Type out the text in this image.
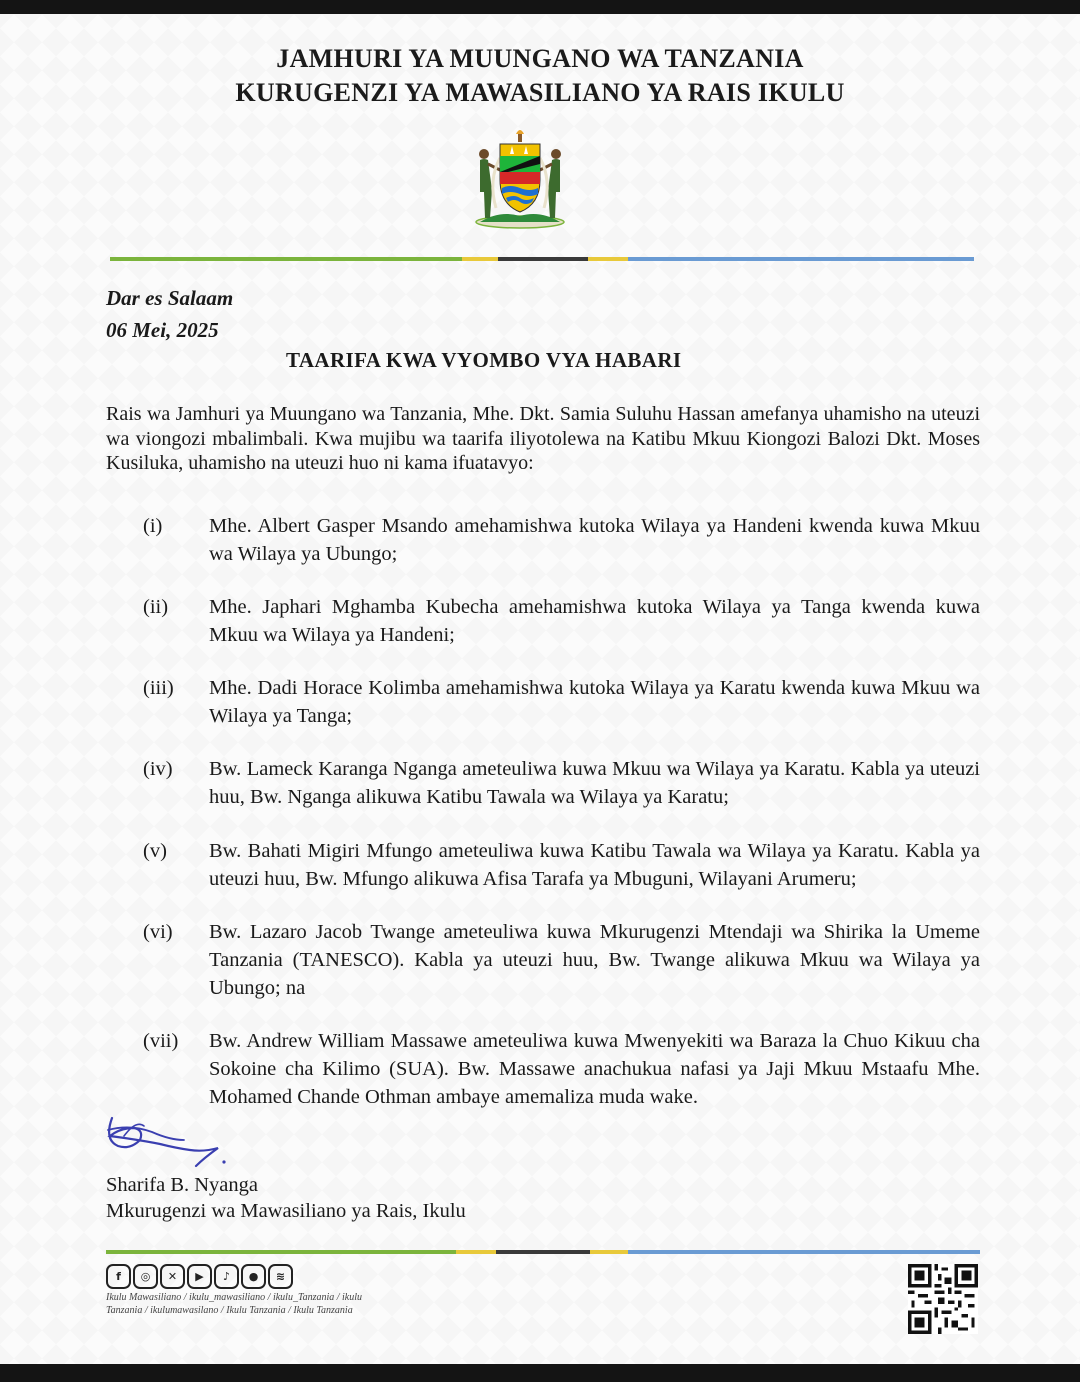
JAMHURI YA MUUNGANO WA TANZANIA
KURUGENZI YA MAWASILIANO YA RAIS IKULU
Dar es Salaam
06 Mei, 2025
TAARIFA KWA VYOMBO VYA HABARI
Rais wa Jamhuri ya Muungano wa Tanzania, Mhe. Dkt. Samia Suluhu Hassan amefanya uhamisho na uteuzi wa viongozi mbalimbali. Kwa mujibu wa taarifa iliyotolewa na Katibu Mkuu Kiongozi Balozi Dkt. Moses Kusiluka, uhamisho na uteuzi huo ni kama ifuatavyo:
(i) Mhe. Albert Gasper Msando amehamishwa kutoka Wilaya ya Handeni kwenda kuwa Mkuu wa Wilaya ya Ubungo;
(ii) Mhe. Japhari Mghamba Kubecha amehamishwa kutoka Wilaya ya Tanga kwenda kuwa Mkuu wa Wilaya ya Handeni;
(iii) Mhe. Dadi Horace Kolimba amehamishwa kutoka Wilaya ya Karatu kwenda kuwa Mkuu wa Wilaya ya Tanga;
(iv) Bw. Lameck Karanga Nganga ameteuliwa kuwa Mkuu wa Wilaya ya Karatu. Kabla ya uteuzi huu, Bw. Nganga alikuwa Katibu Tawala wa Wilaya ya Karatu;
(v) Bw. Bahati Migiri Mfungo ameteuliwa kuwa Katibu Tawala wa Wilaya ya Karatu. Kabla ya uteuzi huu, Bw. Mfungo alikuwa Afisa Tarafa ya Mbuguni, Wilayani Arumeru;
(vi) Bw. Lazaro Jacob Twange ameteuliwa kuwa Mkurugenzi Mtendaji wa Shirika la Umeme Tanzania (TANESCO). Kabla ya uteuzi huu, Bw. Twange alikuwa Mkuu wa Wilaya ya Ubungo; na
(vii) Bw. Andrew William Massawe ameteuliwa kuwa Mwenyekiti wa Baraza la Chuo Kikuu cha Sokoine cha Kilimo (SUA). Bw. Massawe anachukua nafasi ya Jaji Mkuu Mstaafu Mhe. Mohamed Chande Othman ambaye amemaliza muda wake.
Sharifa B. Nyanga
Mkurugenzi wa Mawasiliano ya Rais, Ikulu
f	◎	✕	▶	♪	●	≋
Ikulu Mawasiliano / ikulu_mawasiliano / ikulu_Tanzania / ikulu Tanzania / ikulumawasilano / Ikulu Tanzania / Ikulu Tanzania
